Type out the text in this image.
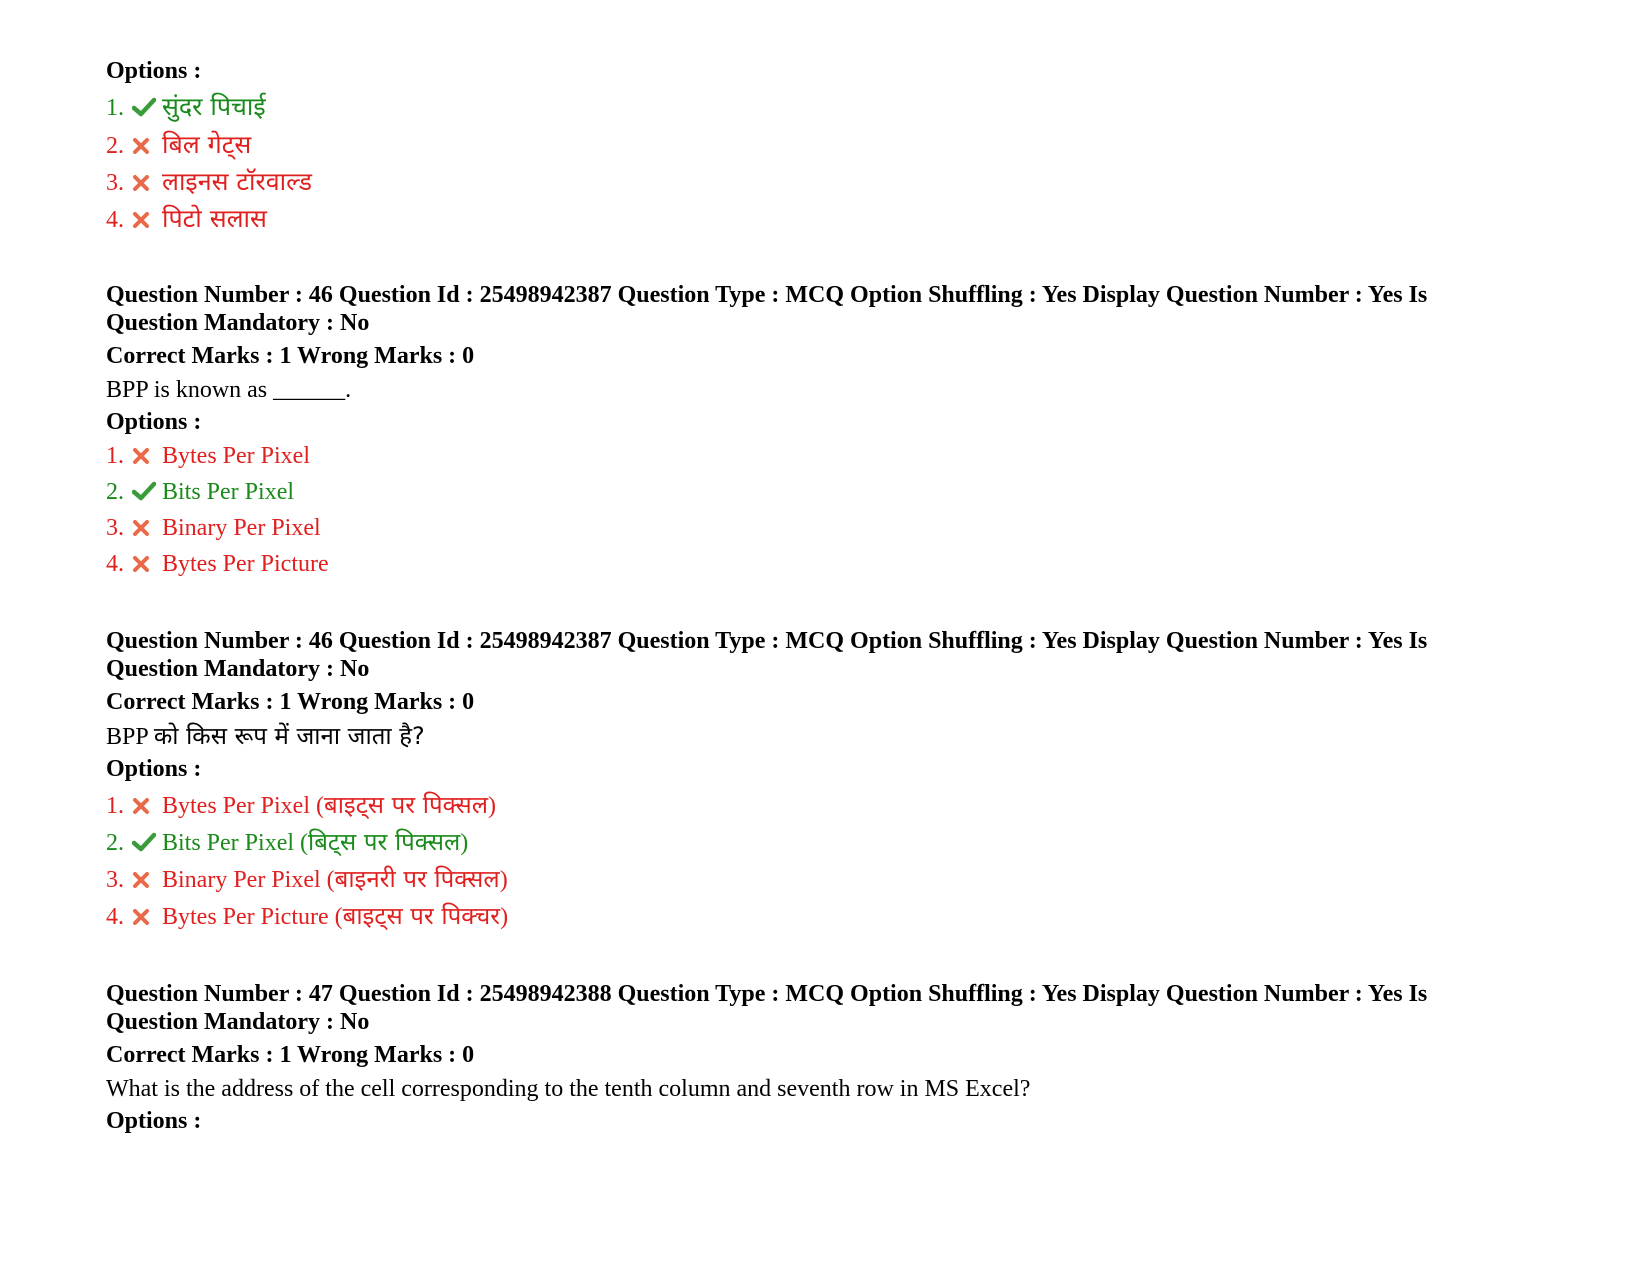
Options :

1.	सुंदर पिचाई
2.	बिल गेट्स
3.	लाइनस टॉरवाल्ड
4.	पिटो सलास

Question Number : 46 Question Id : 25498942387 Question Type : MCQ Option Shuffling : Yes Display Question Number : Yes Is

Question Mandatory : No

Correct Marks : 1 Wrong Marks : 0

BPP is known as ______.

Options :

1.	Bytes Per Pixel
2.	Bits Per Pixel
3.	Binary Per Pixel
4.	Bytes Per Picture

Question Number : 46 Question Id : 25498942387 Question Type : MCQ Option Shuffling : Yes Display Question Number : Yes Is

Question Mandatory : No

Correct Marks : 1 Wrong Marks : 0

BPP को किस रूप में जाना जाता है?

Options :

1.	Bytes Per Pixel (बाइट्स पर पिक्सल)
2.	Bits Per Pixel (बिट्स पर पिक्सल)
3.	Binary Per Pixel (बाइनरी पर पिक्सल)
4.	Bytes Per Picture (बाइट्स पर पिक्चर)

Question Number : 47 Question Id : 25498942388 Question Type : MCQ Option Shuffling : Yes Display Question Number : Yes Is

Question Mandatory : No

Correct Marks : 1 Wrong Marks : 0

What is the address of the cell corresponding to the tenth column and seventh row in MS Excel?

Options :
